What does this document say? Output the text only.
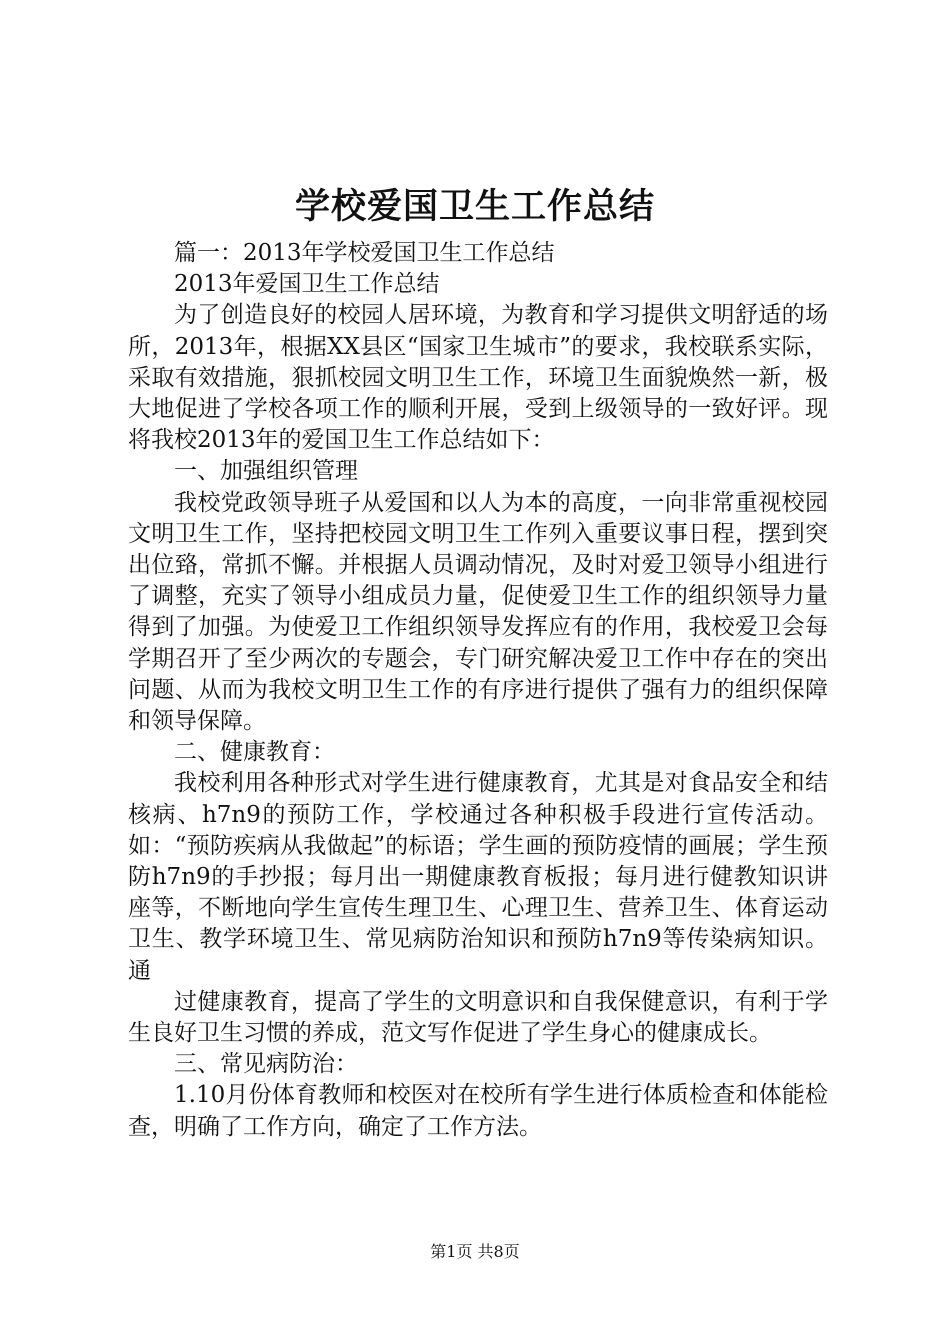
学校爱国卫生工作总结

篇一：2013年学校爱国卫生工作总结

2013年爱国卫生工作总结

为了创造良好的校园人居环境，为教育和学习提供文明舒适的场所，2013年，根据XX县区“国家卫生城市”的要求，我校联系实际，采取有效措施，狠抓校园文明卫生工作，环境卫生面貌焕然一新，极大地促进了学校各项工作的顺利开展，受到上级领导的一致好评。现将我校2013年的爱国卫生工作总结如下：

一、加强组织管理

我校党政领导班子从爱国和以人为本的高度，一向非常重视校园文明卫生工作，坚持把校园文明卫生工作列入重要议事日程，摆到突出位臵，常抓不懈。并根据人员调动情况，及时对爱卫领导小组进行了调整，充实了领导小组成员力量，促使爱卫生工作的组织领导力量得到了加强。为使爱卫工作组织领导发挥应有的作用，我校爱卫会每学期召开了至少两次的专题会，专门研究解决爱卫工作中存在的突出问题、从而为我校文明卫生工作的有序进行提供了强有力的组织保障和领导保障。

二、健康教育：

我校利用各种形式对学生进行健康教育，尤其是对食品安全和结核病、h7n9的预防工作，学校通过各种积极手段进行宣传活动。如：“预防疾病从我做起”的标语；学生画的预防疫情的画展；学生预防h7n9的手抄报；每月出一期健康教育板报；每月进行健教知识讲座等，不断地向学生宣传生理卫生、心理卫生、营养卫生、体育运动卫生、教学环境卫生、常见病防治知识和预防h7n9等传染病知识。通

过健康教育，提高了学生的文明意识和自我保健意识，有利于学生良好卫生习惯的养成，范文写作促进了学生身心的健康成长。

三、常见病防治：

1.10月份体育教师和校医对在校所有学生进行体质检查和体能检查，明确了工作方向，确定了工作方法。

第1页 共8页
